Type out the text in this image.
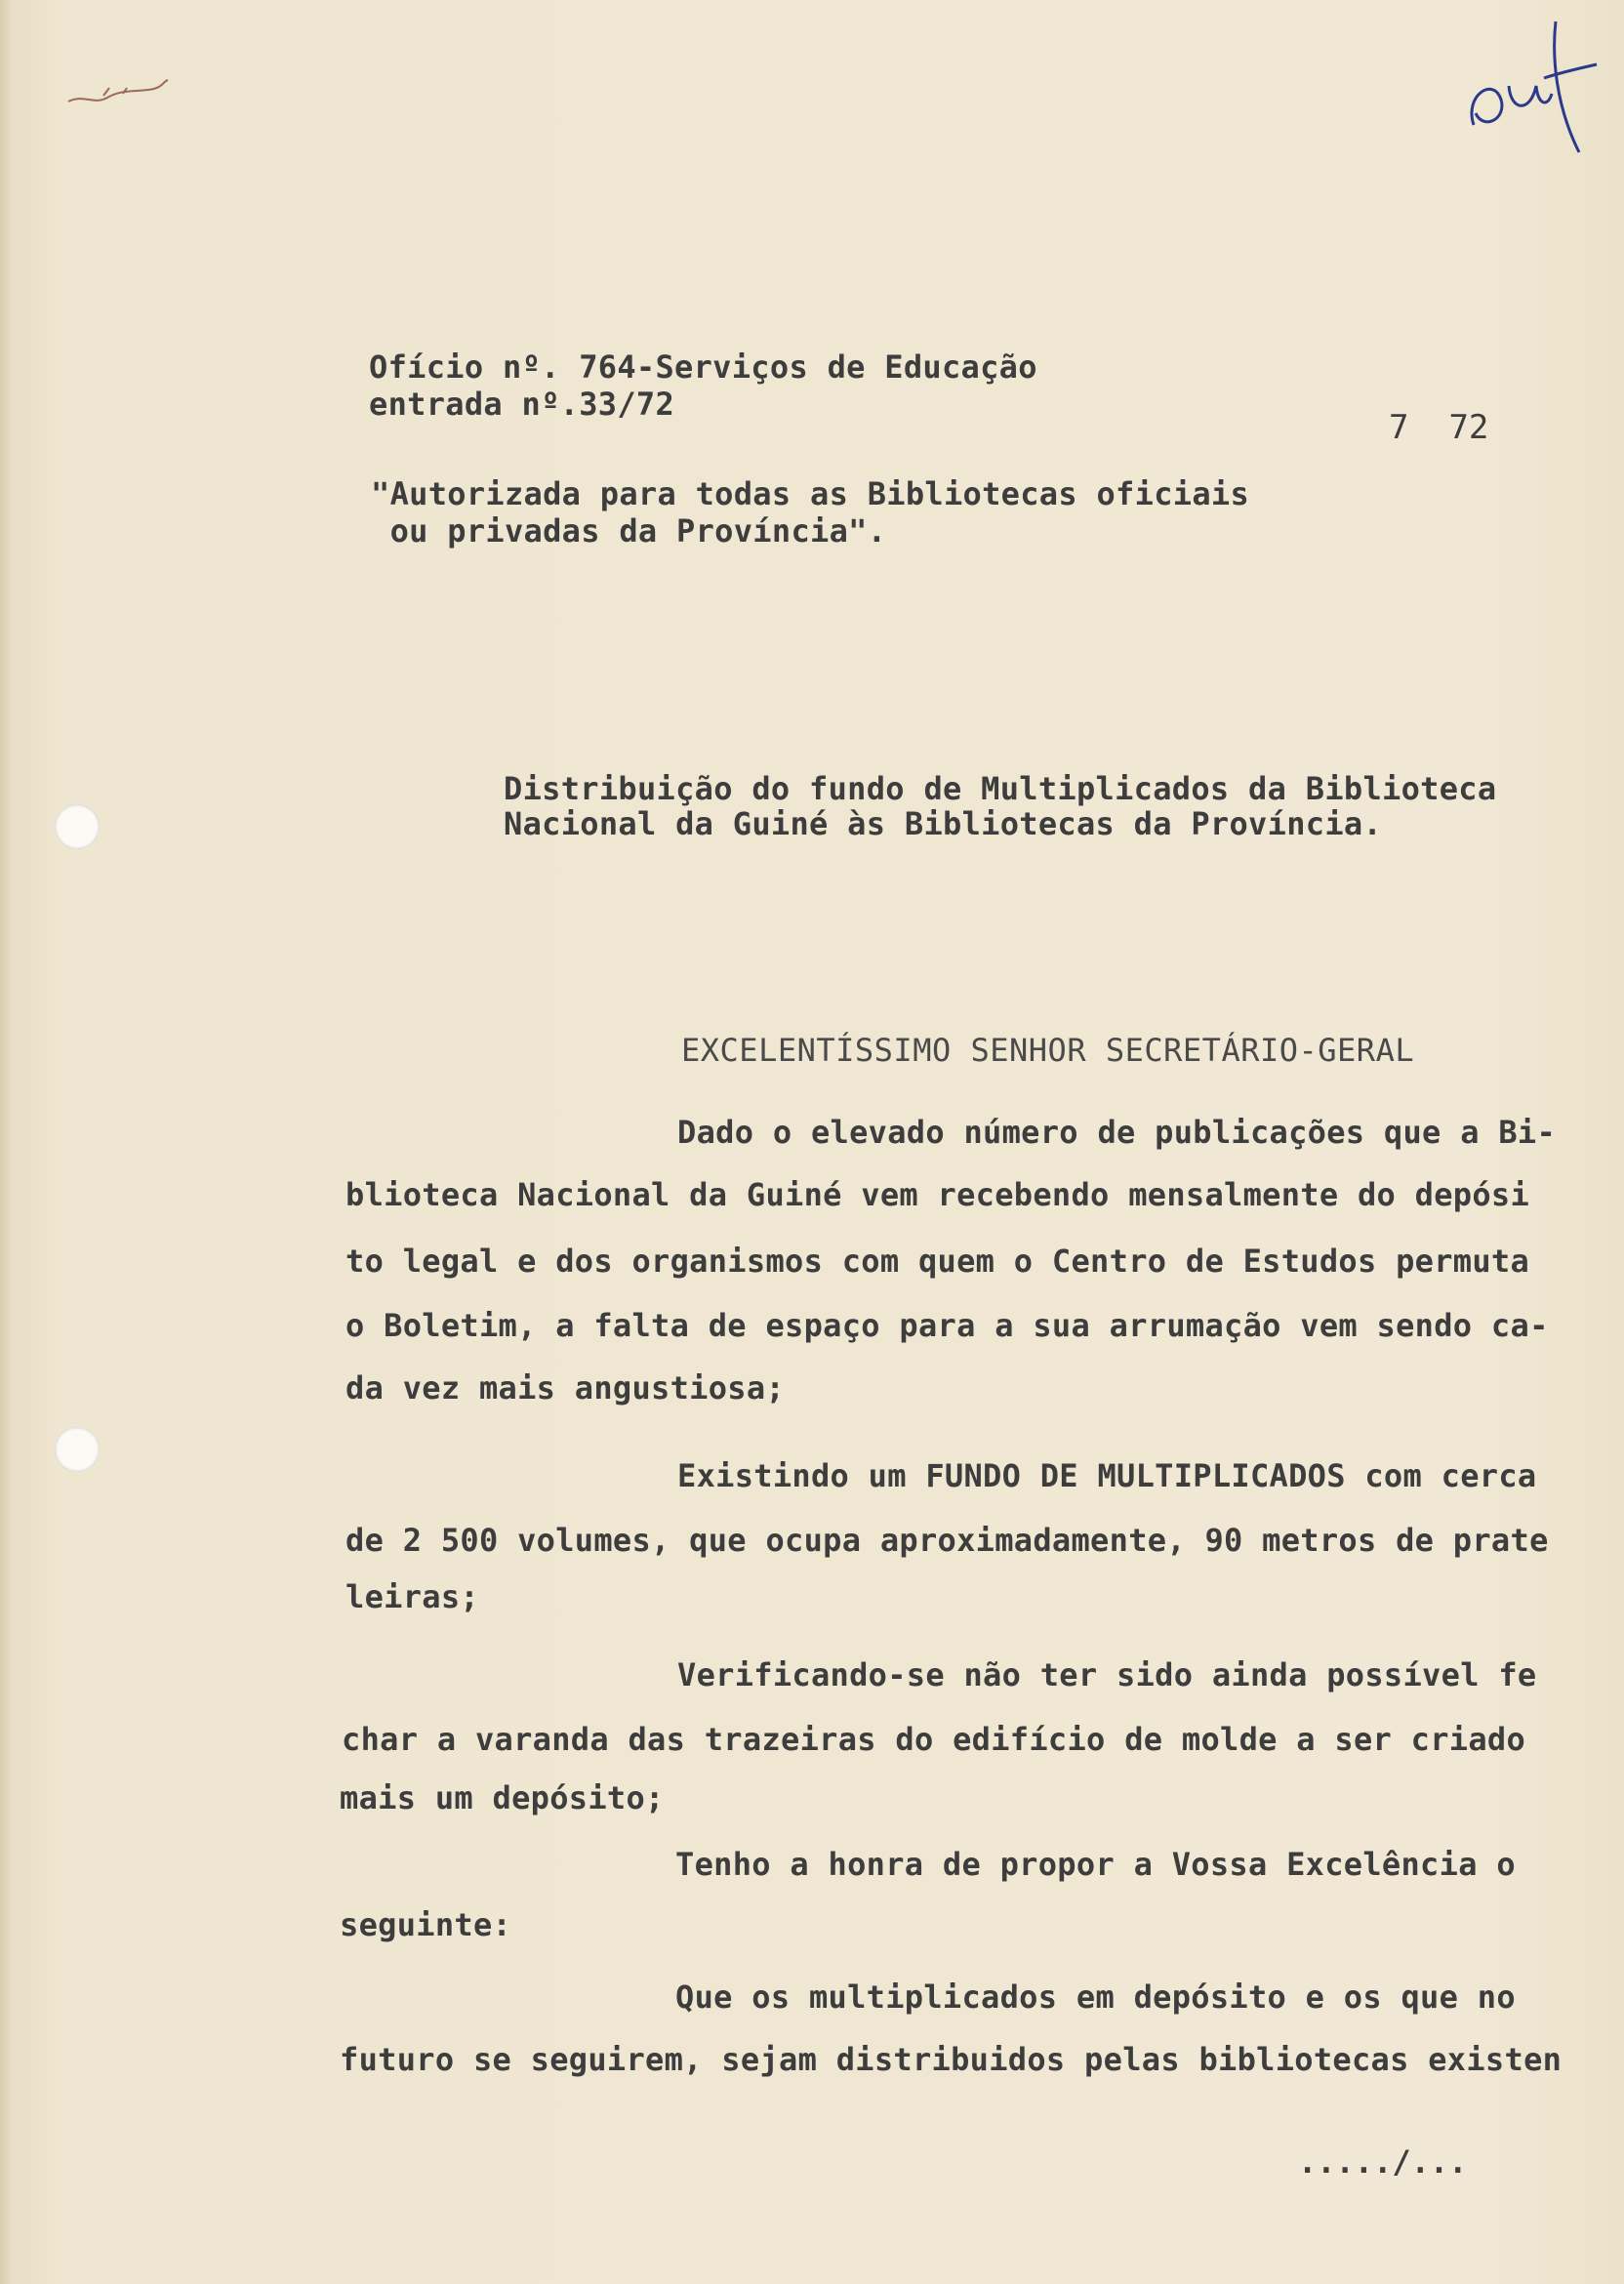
Ofício nº. 764-Serviços de Educação
entrada nº.33/72
7 72
"Autorizada para todas as Bibliotecas oficiais
ou privadas da Província".
Distribuição do fundo de Multiplicados da Biblioteca
Nacional da Guiné às Bibliotecas da Província.
EXCELENTÍSSIMO SENHOR SECRETÁRIO-GERAL
Dado o elevado número de publicações que a Bi-
blioteca Nacional da Guiné vem recebendo mensalmente do depósi
to legal e dos organismos com quem o Centro de Estudos permuta
o Boletim, a falta de espaço para a sua arrumação vem sendo ca-
da vez mais angustiosa;
Existindo um FUNDO DE MULTIPLICADOS com cerca
de 2 500 volumes, que ocupa aproximadamente, 90 metros de prate
leiras;
Verificando-se não ter sido ainda possível fe
char a varanda das trazeiras do edifício de molde a ser criado
mais um depósito;
Tenho a honra de propor a Vossa Excelência o
seguinte:
Que os multiplicados em depósito e os que no
futuro se seguirem, sejam distribuidos pelas bibliotecas existen
...../...
